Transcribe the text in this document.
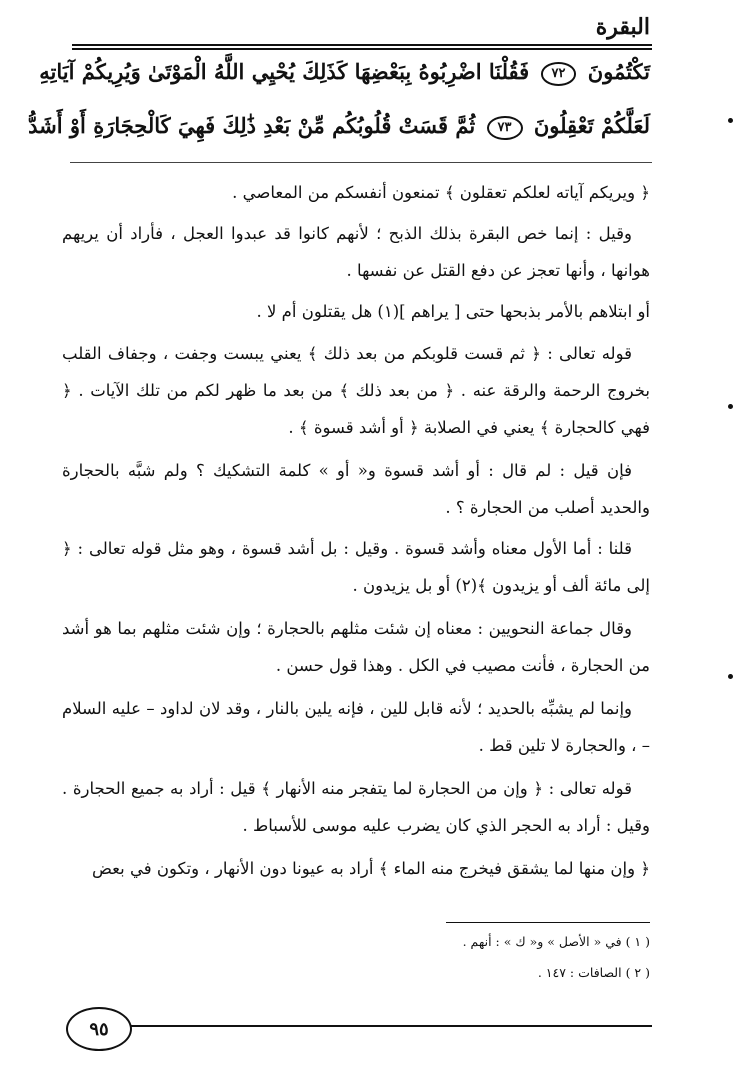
البقرة
تَكْتُمُونَ ٧٢ فَقُلْنَا اضْرِبُوهُ بِبَعْضِهَا كَذَلِكَ يُحْيِي اللَّهُ الْمَوْتَىٰ وَيُرِيكُمْ آيَاتِهِ
لَعَلَّكُمْ تَعْقِلُونَ ٧٣ ثُمَّ قَسَتْ قُلُوبُكُم مِّنْ بَعْدِ ذَٰلِكَ فَهِيَ كَالْحِجَارَةِ أَوْ أَشَدُّ

﴿ ويريكم آياته لعلكم تعقلون ﴾ تمنعون أنفسكم من المعاصي .

وقيل : إنما خص البقرة بذلك الذبح ؛ لأنهم كانوا قد عبدوا العجل ، فأراد أن يريهم هوانها ، وأنها تعجز عن دفع القتل عن نفسها .

أو ابتلاهم بالأمر بذبحها حتى [ يراهم ](١) هل يقتلون أم لا .

قوله تعالى : ﴿ ثم قست قلوبكم من بعد ذلك ﴾ يعني يبست وجفت ، وجفاف القلب بخروج الرحمة والرقة عنه . ﴿ من بعد ذلك ﴾ من بعد ما ظهر لكم من تلك الآيات . ﴿ فهي كالحجارة ﴾ يعني في الصلابة ﴿ أو أشد قسوة ﴾ .

فإن قيل : لم قال : أو أشد قسوة و« أو » كلمة التشكيك ؟ ولم شبَّه بالحجارة والحديد أصلب من الحجارة ؟ .

قلنا : أما الأول معناه وأشد قسوة . وقيل : بل أشد قسوة ، وهو مثل قوله تعالى : ﴿ إلى مائة ألف أو يزيدون ﴾(٢) أو بل يزيدون .

وقال جماعة النحويين : معناه إن شئت مثلهم بالحجارة ؛ وإن شئت مثلهم بما هو أشد من الحجارة ، فأنت مصيب في الكل . وهذا قول حسن .

وإنما لم يشبِّه بالحديد ؛ لأنه قابل للين ، فإنه يلين بالنار ، وقد لان لداود – عليه السلام – ، والحجارة لا تلين قط .

قوله تعالى : ﴿ وإن من الحجارة لما يتفجر منه الأنهار ﴾ قيل : أراد به جميع الحجارة . وقيل : أراد به الحجر الذي كان يضرب عليه موسى للأسباط .

﴿ وإن منها لما يشقق فيخرج منه الماء ﴾ أراد به عيونا دون الأنهار ، وتكون في بعض

( ١ ) في « الأصل » و« ك » : أنهم .
( ٢ ) الصافات : ١٤٧ .
٩٥
